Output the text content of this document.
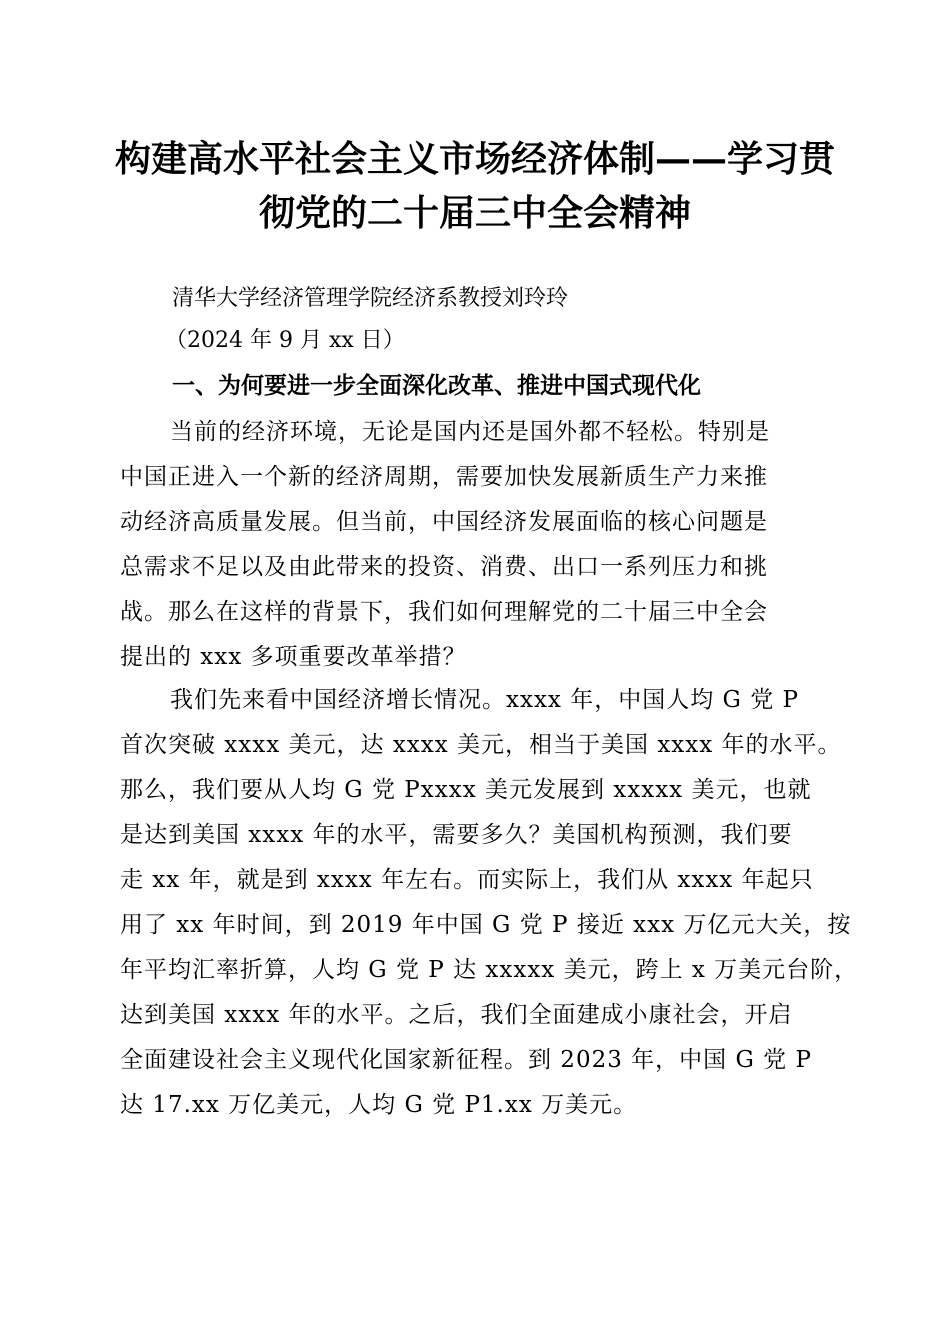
构建高水平社会主义市场经济体制——学习贯
彻党的二十届三中全会精神
清华大学经济管理学院经济系教授刘玲玲
（2024 年 9 月 xx 日）
一、为何要进一步全面深化改革、推进中国式现代化
当前的经济环境，无论是国内还是国外都不轻松。特别是
中国正进入一个新的经济周期，需要加快发展新质生产力来推
动经济高质量发展。但当前，中国经济发展面临的核心问题是
总需求不足以及由此带来的投资、消费、出口一系列压力和挑
战。那么在这样的背景下，我们如何理解党的二十届三中全会
提出的 xxx 多项重要改革举措？
我们先来看中国经济增长情况。xxxx 年，中国人均 G 党 P
首次突破 xxxx 美元，达 xxxx 美元，相当于美国 xxxx 年的水平。
那么，我们要从人均 G 党 Pxxxx 美元发展到 xxxxx 美元，也就
是达到美国 xxxx 年的水平，需要多久？美国机构预测，我们要
走 xx 年，就是到 xxxx 年左右。而实际上，我们从 xxxx 年起只
用了 xx 年时间，到 2019 年中国 G 党 P 接近 xxx 万亿元大关，按
年平均汇率折算，人均 G 党 P 达 xxxxx 美元，跨上 x 万美元台阶，
达到美国 xxxx 年的水平。之后，我们全面建成小康社会，开启
全面建设社会主义现代化国家新征程。到 2023 年，中国 G 党 P
达 17.xx 万亿美元，人均 G 党 P1.xx 万美元。
